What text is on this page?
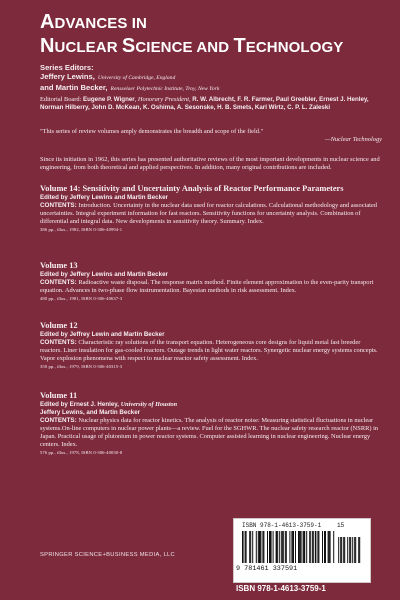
ADVANCES IN
NUCLEAR SCIENCE AND TECHNOLOGY
Series Editors:
Jeffery Lewins, University of Cambridge, England
and Martin Becker, Rensselaer Polytechnic Institute, Troy, New York
Editorial Board: Eugene P. Wigner, Honorary President, R. W. Albrecht, F. R. Farmer, Paul Greebler, Ernest J. Henley, Norman Hilberry, John D. McKean, K. Oshima, A. Sesonske, H. B. Smets, Karl Wirtz, C. P. L. Zaleski
"This series of review volumes amply demonstrates the breadth and scope of the field."
—Nuclear Technology
Since its initiation in 1962, this series has presented authoritative reviews of the most important developments in nuclear science and engineering, from both theoretical and applied perspectives. In addition, many original contributions are included.
Volume 14: Sensitivity and Uncertainty Analysis of Reactor Performance Parameters
Edited by Jeffery Lewins and Martin Becker
CONTENTS: Introduction. Uncertainty in the nuclear data used for reactor calculations. Calculational methodology and associated uncertainties. Integral experiment information for fast reactors. Sensitivity functions for uncertainty analysis. Combination of differential and integral data. New developments in sensitivity theory. Summary. Index.
386 pp., illus., 1982, ISBN 0-306-40994-1
Volume 13
Edited by Jeffery Lewins and Martin Becker
CONTENTS: Radioactive waste disposal. The response matrix method. Finite element approximation to the even-parity transport equation. Advances in two-phase flow instrumentation. Bayesian methods in risk assessment. Index.
480 pp., illus., 1981, ISBN 0-306-40637-3
Volume 12
Edited by Jeffrey Lewin and Martin Becker
CONTENTS: Characteristic ray solutions of the transport equation. Heterogeneous core designs for liquid metal fast breeder reactors. Liner insulation for gas-cooled reactors. Outage trends in light water reactors. Synergetic nuclear energy systems concepts. Vapor explosion phenomena with respect to nuclear reactor safety assessment. Index.
350 pp., illus., 1979, ISBN 0-306-40315-3
Volume 11
Edited by Ernest J. Henley, University of Houston
Jeffery Lewins, and Martin Becker
CONTENTS: Nuclear physics data for reactor kinetics. The analysis of reactor noise: Measuring statistical fluctuations in nuclear systems.On-line computers in nuclear power plants—a review. Fuel for the SGHWR. The nuclear safety research reactor (NSRR) in Japan. Practical usage of plutonium in power reactor systems. Computer assisted learning in nuclear engineering. Nuclear energy centers. Index.
576 pp., illus., 1978, ISBN 0-306-40030-8
SPRINGER SCIENCE+BUSINESS MEDIA, LLC
ISBN 978-1-4613-3759-1
9 781461 337591
15
ISBN 978-1-4613-3759-1
